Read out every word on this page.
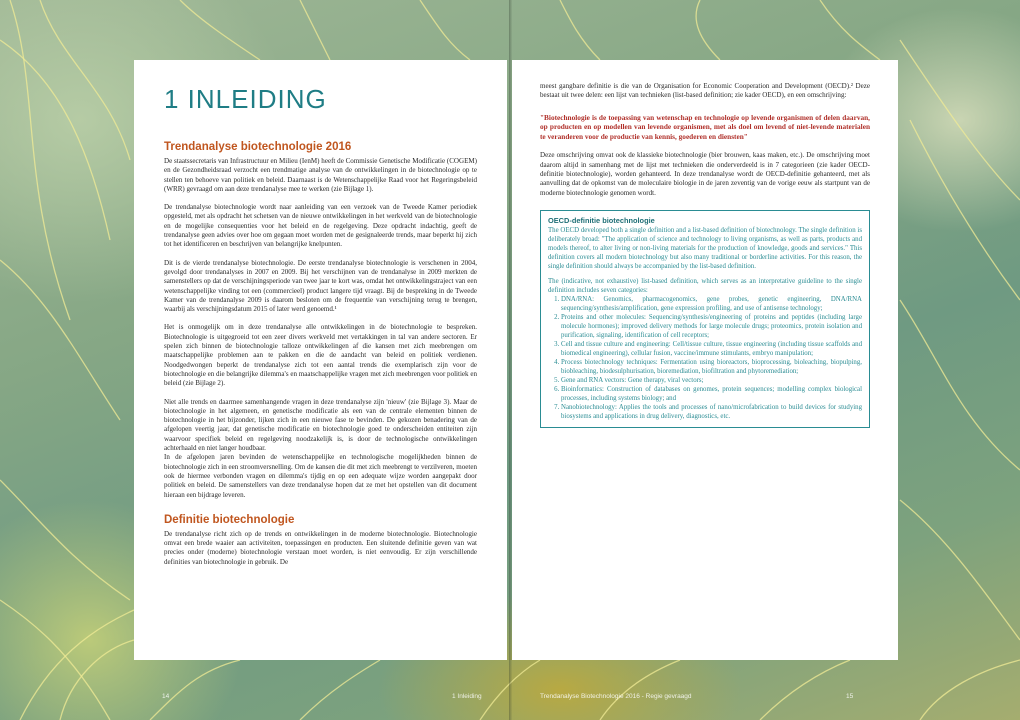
1 INLEIDING
Trendanalyse biotechnologie 2016

De staatssecretaris van Infrastructuur en Milieu (IenM) heeft de Commissie Genetische Modificatie (COGEM) en de Gezondheidsraad verzocht een trendmatige analyse van de ontwikkelingen in de biotechnologie op te stellen ten behoeve van politiek en beleid. Daarnaast is de Wetenschappelijke Raad voor het Regeringsbeleid (WRR) gevraagd om aan deze trendanalyse mee te werken (zie Bijlage 1).

De trendanalyse biotechnologie wordt naar aanleiding van een verzoek van de Tweede Kamer periodiek opgesteld, met als opdracht het schetsen van de nieuwe ontwikkelingen in het werkveld van de biotechnologie en de mogelijke consequenties voor het beleid en de regelgeving. Deze opdracht indachtig, geeft de trendanalyse geen advies over hoe om gegaan moet worden met de gesignaleerde trends, maar beperkt hij zich tot het identificeren en beschrijven van belangrijke knelpunten.

Dit is de vierde trendanalyse biotechnologie. De eerste trendanalyse biotechnologie is verschenen in 2004, gevolgd door trendanalyses in 2007 en 2009. Bij het verschijnen van de trendanalyse in 2009 merkten de samenstellers op dat de verschijningsperiode van twee jaar te kort was, omdat het ontwikkelingstraject van een wetenschappelijke vinding tot een (commercieel) product langere tijd vraagt. Bij de bespreking in de Tweede Kamer van de trendanalyse 2009 is daarom besloten om de frequentie van verschijning terug te brengen, waarbij als verschijningsdatum 2015 of later werd genoemd.¹

Het is onmogelijk om in deze trendanalyse alle ontwikkelingen in de biotechnologie te bespreken. Biotechnologie is uitgegroeid tot een zeer divers werkveld met vertakkingen in tal van andere sectoren. Er spelen zich binnen de biotechnologie talloze ontwikkelingen af die kansen met zich meebrengen om maatschappelijke problemen aan te pakken en die de aandacht van beleid en politiek verdienen. Noodgedwongen beperkt de trendanalyse zich tot een aantal trends die exemplarisch zijn voor de biotechnologie en die belangrijke dilemma's en maatschappelijke vragen met zich meebrengen voor politiek en beleid (zie Bijlage 2).

Niet alle trends en daarmee samenhangende vragen in deze trendanalyse zijn 'nieuw' (zie Bijlage 3). Maar de biotechnologie in het algemeen, en genetische modificatie als een van de centrale elementen binnen de biotechnologie in het bijzonder, lijken zich in een nieuwe fase te bevinden. De gekozen benadering van de afgelopen veertig jaar, dat genetische modificatie en biotechnologie goed te onderscheiden entiteiten zijn waarvoor specifiek beleid en regelgeving noodzakelijk is, is door de technologische ontwikkelingen achterhaald en niet langer houdbaar.

In de afgelopen jaren bevinden de wetenschappelijke en technologische mogelijkheden binnen de biotechnologie zich in een stroomversnelling. Om de kansen die dit met zich meebrengt te verzilveren, moeten ook de hiermee verbonden vragen en dilemma's tijdig en op een adequate wijze worden aangepakt door politiek en beleid. De samenstellers van deze trendanalyse hopen dat ze met het opstellen van dit document hieraan een bijdrage leveren.

Definitie biotechnologie

De trendanalyse richt zich op de trends en ontwikkelingen in de moderne biotechnologie. Biotechnologie omvat een brede waaier aan activiteiten, toepassingen en producten. Een sluitende definitie geven van wat precies onder (moderne) biotechnologie verstaan moet worden, is niet eenvoudig. Er zijn verschillende definities van biotechnologie in gebruik. De

meest gangbare definitie is die van de Organisation for Economic Cooperation and Development (OECD).² Deze bestaat uit twee delen: een lijst van technieken (list-based definition; zie kader OECD), en een omschrijving:

"Biotechnologie is de toepassing van wetenschap en technologie op levende organismen of delen daarvan, op producten en op modellen van levende organismen, met als doel om levend of niet-levende materialen te veranderen voor de productie van kennis, goederen en diensten"

Deze omschrijving omvat ook de klassieke biotechnologie (bier brouwen, kaas maken, etc.). De omschrijving moet daarom altijd in samenhang met de lijst met technieken die onderverdeeld is in 7 categorieen (zie kader OECD-definitie biotechnologie), worden gehanteerd. In deze trendanalyse wordt de OECD-definitie gehanteerd, met als aanvulling dat de opkomst van de moleculaire biologie in de jaren zeventig van de vorige eeuw als startpunt van de moderne biotechnologie genomen wordt.

OECD-definitie biotechnologie

The OECD developed both a single definition and a list-based definition of biotechnology. The single definition is deliberately broad: "The application of science and technology to living organisms, as well as parts, products and models thereof, to alter living or non-living materials for the production of knowledge, goods and services." This definition covers all modern biotechnology but also many traditional or borderline activities. For this reason, the single definition should always be accompanied by the list-based definition.

The (indicative, not exhaustive) list-based definition, which serves as an interpretative guideline to the single definition includes seven categories:

1. DNA/RNA: Genomics, pharmacogenomics, gene probes, genetic engineering, DNA/RNA sequencing/synthesis/amplification, gene expression profiling, and use of antisense technology;
2. Proteins and other molecules: Sequencing/synthesis/engineering of proteins and peptides (including large molecule hormones); improved delivery methods for large molecule drugs; proteomics, protein isolation and purification, signaling, identification of cell receptors;
3. Cell and tissue culture and engineering: Cell/tissue culture, tissue engineering (including tissue scaffolds and biomedical engineering), cellular fusion, vaccine/immune stimulants, embryo manipulation;
4. Process biotechnology techniques: Fermentation using bioreactors, bioprocessing, bioleaching, biopulping, biobleaching, biodesulphurisation, bioremediation, biofiltration and phytoremediation;
5. Gene and RNA vectors: Gene therapy, viral vectors;
6. Bioinformatics: Construction of databases on genomes, protein sequences; modelling complex biological processes, including systems biology; and
7. Nanobiotechnology: Applies the tools and processes of nano/microfabrication to build devices for studying biosystems and applications in drug delivery, diagnostics, etc.
14	1 Inleiding	Trendanalyse Biotechnologie 2016 - Regie gevraagd	15
